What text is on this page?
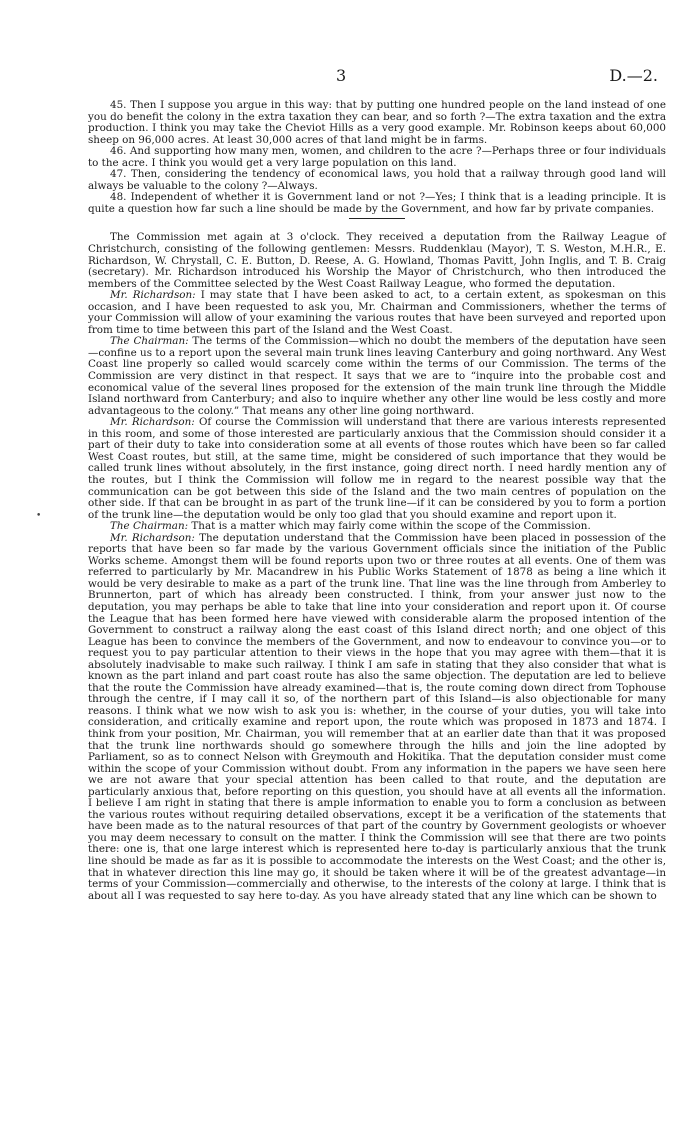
3	D.—2.
•

45. Then I suppose you argue in this way: that by putting one hundred people on the land instead of one you do benefit the colony in the extra taxation they can bear, and so forth ?—The extra taxation and the extra production. I think you may take the Cheviot Hills as a very good example. Mr. Robinson keeps about 60,000 sheep on 96,000 acres. At least 30,000 acres of that land might be in farms.

46. And supporting how many men, women, and children to the acre ?—Perhaps three or four individuals to the acre. I think you would get a very large population on this land.

47. Then, considering the tendency of economical laws, you hold that a railway through good land will always be valuable to the colony ?—Always.

48. Independent of whether it is Government land or not ?—Yes; I think that is a leading principle. It is quite a question how far such a line should be made by the Government, and how far by private companies.

The Commission met again at 3 o'clock. They received a deputation from the Railway League of Christchurch, consisting of the following gentlemen: Messrs. Ruddenklau (Mayor), T. S. Weston, M.H.R., E. Richardson, W. Chrystall, C. E. Button, D. Reese, A. G. Howland, Thomas Pavitt, John Inglis, and T. B. Craig (secretary). Mr. Richardson introduced his Worship the Mayor of Christchurch, who then introduced the members of the Committee selected by the West Coast Railway League, who formed the deputation.

Mr. Richardson: I may state that I have been asked to act, to a certain extent, as spokesman on this occasion, and I have been requested to ask you, Mr. Chairman and Commissioners, whether the terms of your Commission will allow of your examining the various routes that have been surveyed and reported upon from time to time between this part of the Island and the West Coast.

The Chairman: The terms of the Commission—which no doubt the members of the deputation have seen—confine us to a report upon the several main trunk lines leaving Canterbury and going northward. Any West Coast line properly so called would scarcely come within the terms of our Commission. The terms of the Commission are very distinct in that respect. It says that we are to “inquire into the probable cost and economical value of the several lines proposed for the extension of the main trunk line through the Middle Island northward from Canterbury; and also to inquire whether any other line would be less costly and more advantageous to the colony.” That means any other line going northward.

Mr. Richardson: Of course the Commission will understand that there are various interests represented in this room, and some of those interested are particularly anxious that the Commission should consider it a part of their duty to take into consideration some at all events of those routes which have been so far called West Coast routes, but still, at the same time, might be considered of such importance that they would be called trunk lines without absolutely, in the first instance, going direct north. I need hardly mention any of the routes, but I think the Commission will follow me in regard to the nearest possible way that the communication can be got between this side of the Island and the two main centres of population on the other side. If that can be brought in as part of the trunk line—if it can be considered by you to form a portion of the trunk line—the deputation would be only too glad that you should examine and report upon it.

The Chairman: That is a matter which may fairly come within the scope of the Commission.

Mr. Richardson: The deputation understand that the Commission have been placed in possession of the reports that have been so far made by the various Government officials since the initiation of the Public Works scheme. Amongst them will be found reports upon two or three routes at all events. One of them was referred to particularly by Mr. Macandrew in his Public Works Statement of 1878 as being a line which it would be very desirable to make as a part of the trunk line. That line was the line through from Amberley to Brunnerton, part of which has already been constructed. I think, from your answer just now to the deputation, you may perhaps be able to take that line into your consideration and report upon it. Of course the League that has been formed here have viewed with considerable alarm the proposed intention of the Government to construct a railway along the east coast of this Island direct north; and one object of this League has been to convince the members of the Government, and now to endeavour to convince you—or to request you to pay particular attention to their views in the hope that you may agree with them—that it is absolutely inadvisable to make such railway. I think I am safe in stating that they also consider that what is known as the part inland and part coast route has also the same objection. The deputation are led to believe that the route the Commission have already examined—that is, the route coming down direct from Tophouse through the centre, if I may call it so, of the northern part of this Island—is also objectionable for many reasons. I think what we now wish to ask you is: whether, in the course of your duties, you will take into consideration, and critically examine and report upon, the route which was proposed in 1873 and 1874. I think from your position, Mr. Chairman, you will remember that at an earlier date than that it was proposed that the trunk line northwards should go somewhere through the hills and join the line adopted by Parliament, so as to connect Nelson with Greymouth and Hokitika. That the deputation consider must come within the scope of your Commission without doubt. From any information in the papers we have seen here we are not aware that your special attention has been called to that route, and the deputation are particularly anxious that, before reporting on this question, you should have at all events all the information. I believe I am right in stating that there is ample information to enable you to form a conclusion as between the various routes without requiring detailed observations, except it be a verification of the statements that have been made as to the natural resources of that part of the country by Government geologists or whoever you may deem necessary to consult on the matter. I think the Commission will see that there are two points there: one is, that one large interest which is represented here to-day is particularly anxious that the trunk line should be made as far as it is possible to accommodate the interests on the West Coast; and the other is, that in whatever direction this line may go, it should be taken where it will be of the greatest advantage—in terms of your Commission—commercially and otherwise, to the interests of the colony at large. I think that is about all I was requested to say here to-day. As you have already stated that any line which can be shown to
